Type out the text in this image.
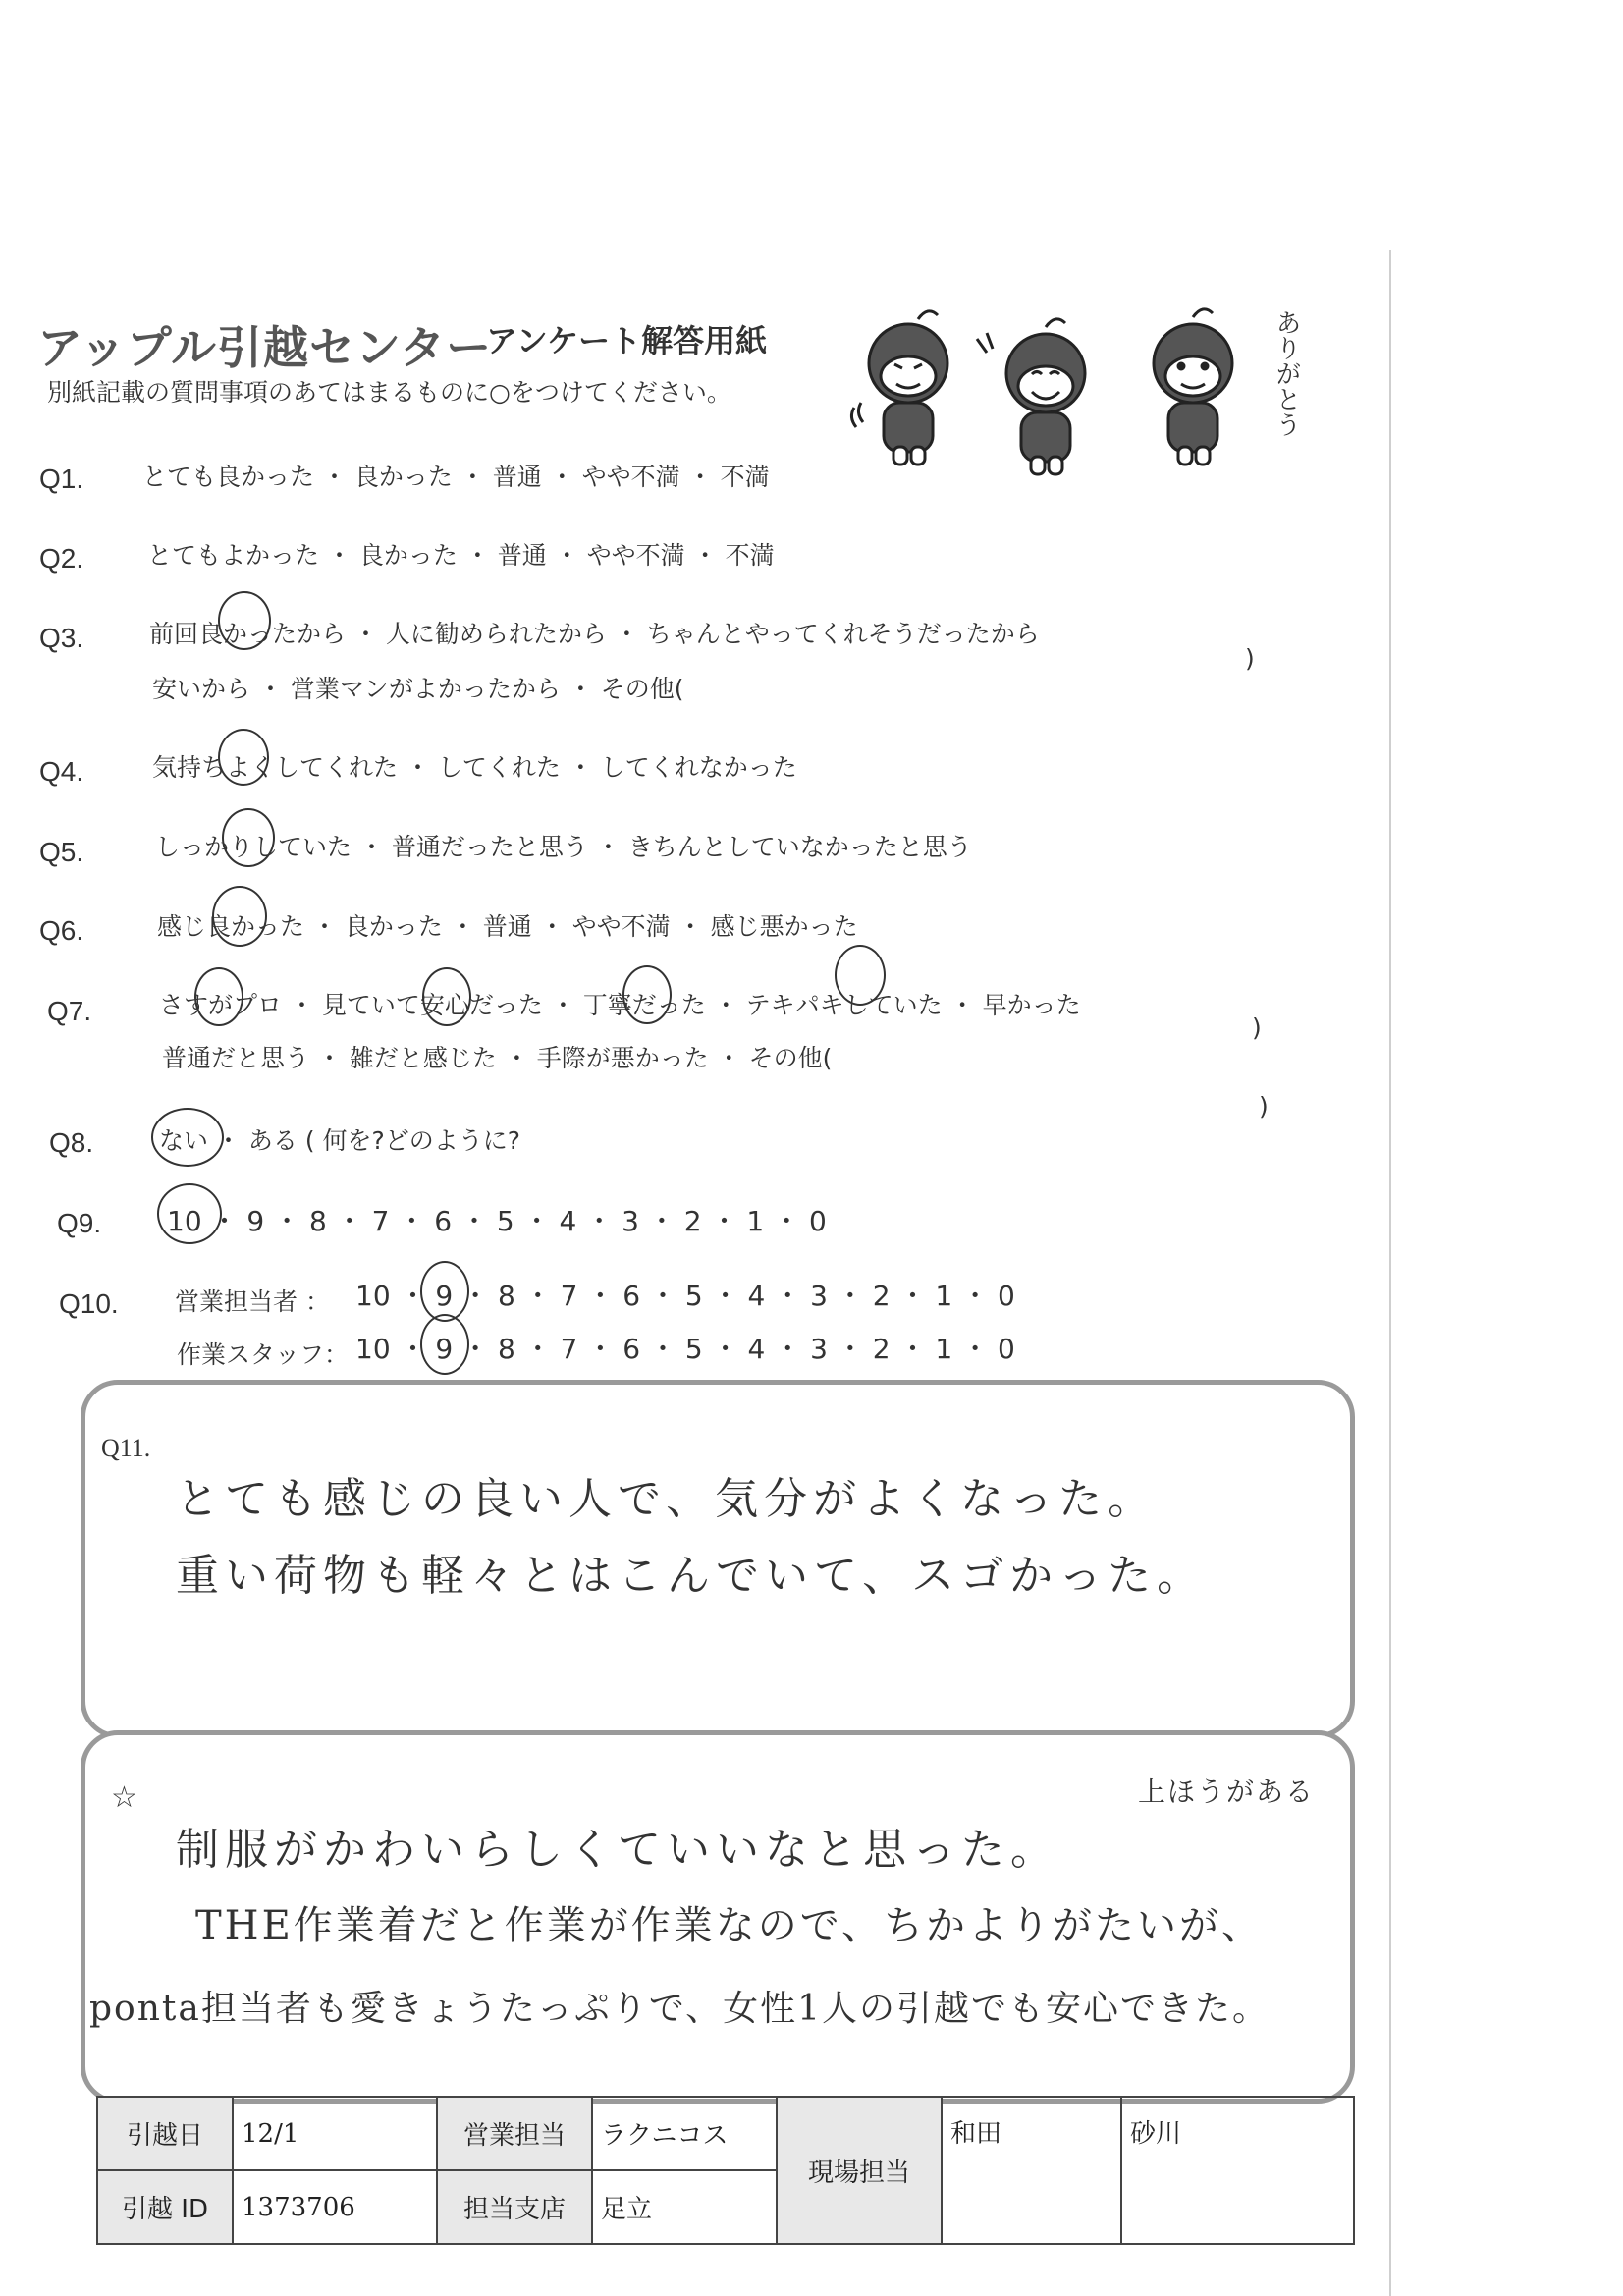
アップル引越センター
アンケート解答用紙
別紙記載の質問事項のあてはまるものに○をつけてください。	ありがとう
Q1. とても良かった ・ 良かった ・ 普通 ・ やや不満 ・ 不満
Q2.	とてもよかった ・ 良かった ・ 普通 ・ やや不満 ・ 不満
Q3.	前回良かったから ・ 人に勧められたから ・ ちゃんとやってくれそうだったから
安いから ・ 営業マンがよかったから ・ その他(
)
Q4.	気持ちよくしてくれた ・ してくれた ・ してくれなかった
Q5.	しっかりしていた ・ 普通だったと思う ・ きちんとしていなかったと思う
Q6.	感じ良かった ・ 良かった ・ 普通 ・ やや不満 ・ 感じ悪かった
Q7.	さすがプロ ・ 見ていて安心だった ・ 丁寧だった ・ テキパキしていた ・ 早かった
普通だと思う ・ 雑だと感じた ・ 手際が悪かった ・ その他(
)
Q8.	ない ・ ある ( 何を?どのように?
)
Q9. 10 ・ 9 ・ 8 ・ 7 ・ 6 ・ 5 ・ 4 ・ 3 ・ 2 ・ 1 ・ 0
Q10. 営業担当者 ： 10 ・ 9 ・ 8 ・ 7 ・ 6 ・ 5 ・ 4 ・ 3 ・ 2 ・ 1 ・ 0
作業スタッフ： 10 ・ 9 ・ 8 ・ 7 ・ 6 ・ 5 ・ 4 ・ 3 ・ 2 ・ 1 ・ 0
Q11.
とても感じの良い人で、気分がよくなった。
重い荷物も軽々とはこんでいて、スゴかった。
☆
制服がかわいらしくていいなと思った。
上ほうがある
THE作業着だと作業が作業なので、ちかよりがたいが、
ponta担当者も愛きょうたっぷりで、女性1人の引越でも安心できた。
引越日	12/1	営業担当	ラクニコス	現場担当	和田	砂川
引越 ID	1373706	担当支店	足立			
